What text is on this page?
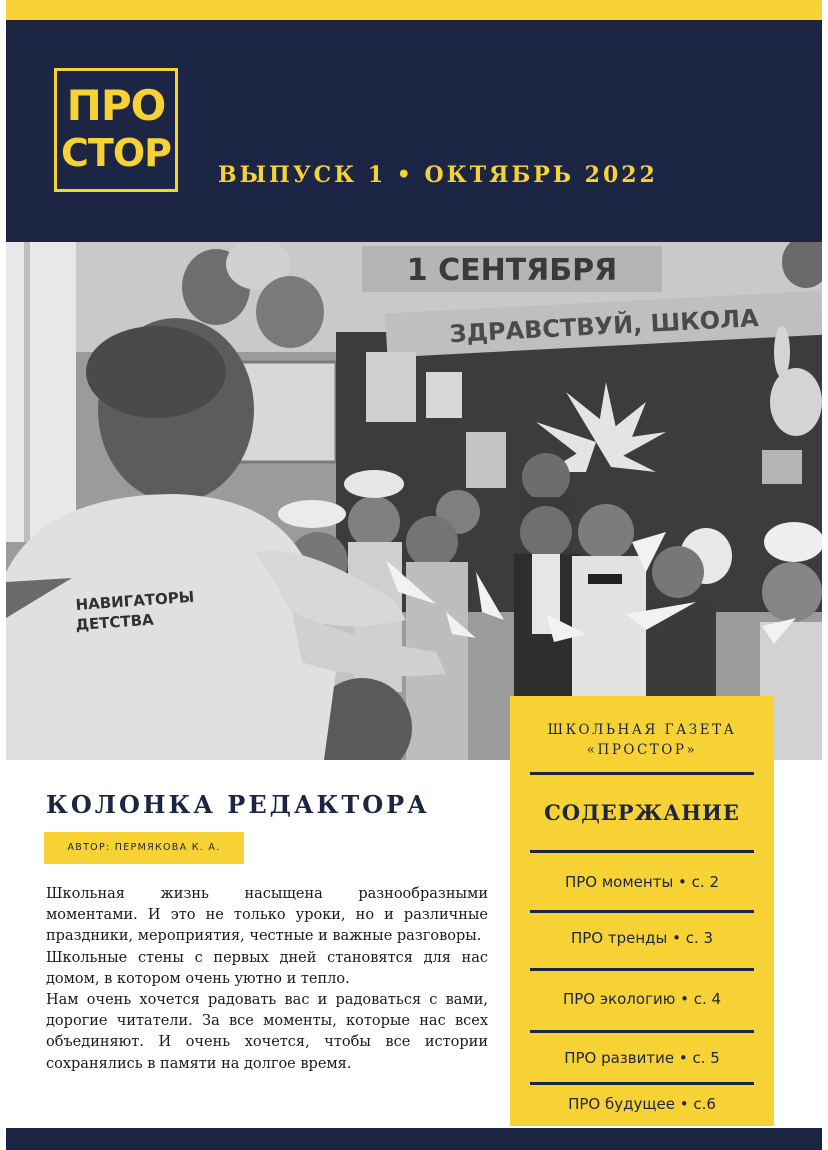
ПРО
СТОР ВЫПУСК 1 • ОКТЯБРЬ 2022
1 СЕНТЯБРЯ
ЗДРАВСТВУЙ, ШКОЛА
НАВИГАТОРЫ
ДЕТСТВА
КОЛОНКА РЕДАКТОРА
АВТОР: ПЕРМЯКОВА К. А.

Школьная жизнь насыщена разнообразными моментами. И это не только уроки, но и различные праздники, мероприятия, честные и важные разговоры.

Школьные стены с первых дней становятся для нас домом, в котором очень уютно и тепло.

Нам очень хочется радовать вас и радоваться с вами, дорогие читатели. За все моменты, которые нас всех объединяют. И очень хочется, чтобы все истории сохранялись в памяти на долгое время.

ШКОЛЬНАЯ ГАЗЕТА
«ПРОСТОР»
СОДЕРЖАНИЕ
ПРО моменты • с. 2
ПРО тренды • с. 3
ПРО экологию • с. 4
ПРО развитие • с. 5
ПРО будущее • с.6
